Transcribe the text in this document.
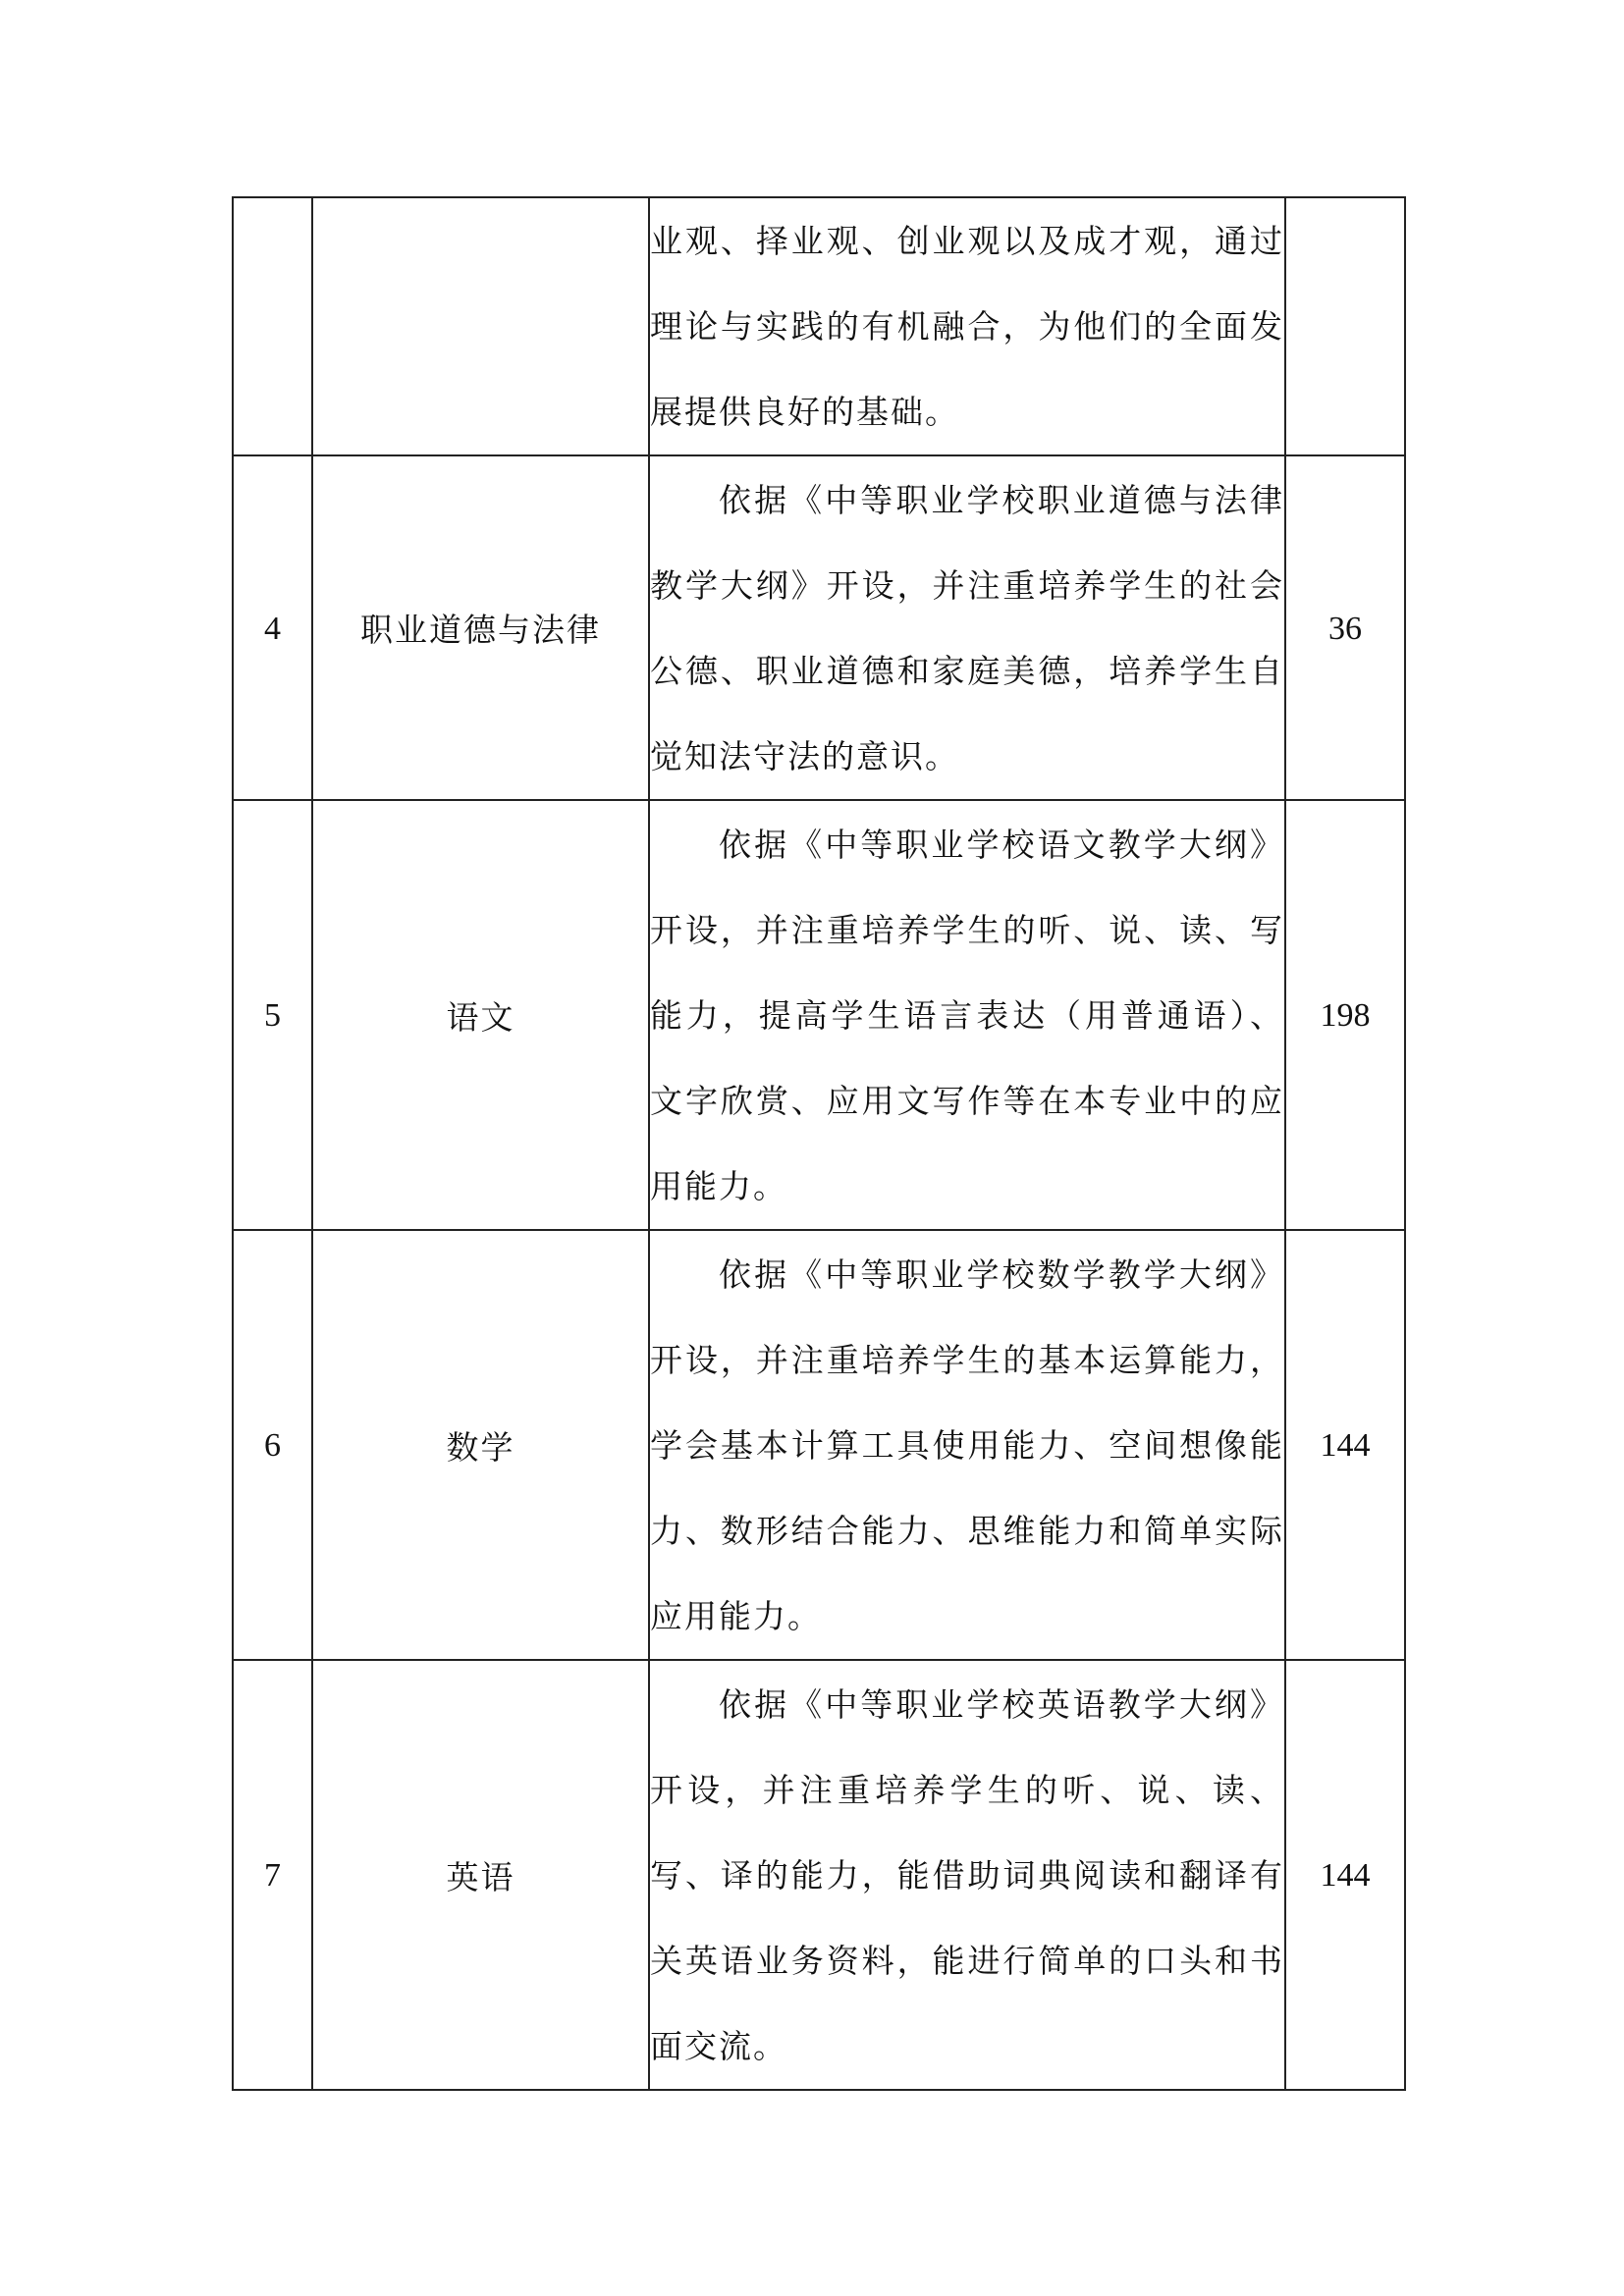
		业观、择业观、创业观以及成才观，通过理论与实践的有机融合，为他们的全面发展提供良好的基础。	

4	职业道德与法律	依据《中等职业学校职业道德与法律教学大纲》开设，并注重培养学生的社会公德、职业道德和家庭美德，培养学生自觉知法守法的意识。	36
5	语文	依据《中等职业学校语文教学大纲》开设，并注重培养学生的听、说、读、写能力，提高学生语言表达（用普通语）、文字欣赏、应用文写作等在本专业中的应用能力。	198
6	数学	依据《中等职业学校数学教学大纲》开设，并注重培养学生的基本运算能力，学会基本计算工具使用能力、空间想像能力、数形结合能力、思维能力和简单实际应用能力。	144
7	英语	依据《中等职业学校英语教学大纲》开设，并注重培养学生的听、说、读、写、译的能力，能借助词典阅读和翻译有关英语业务资料，能进行简单的口头和书面交流。	144
